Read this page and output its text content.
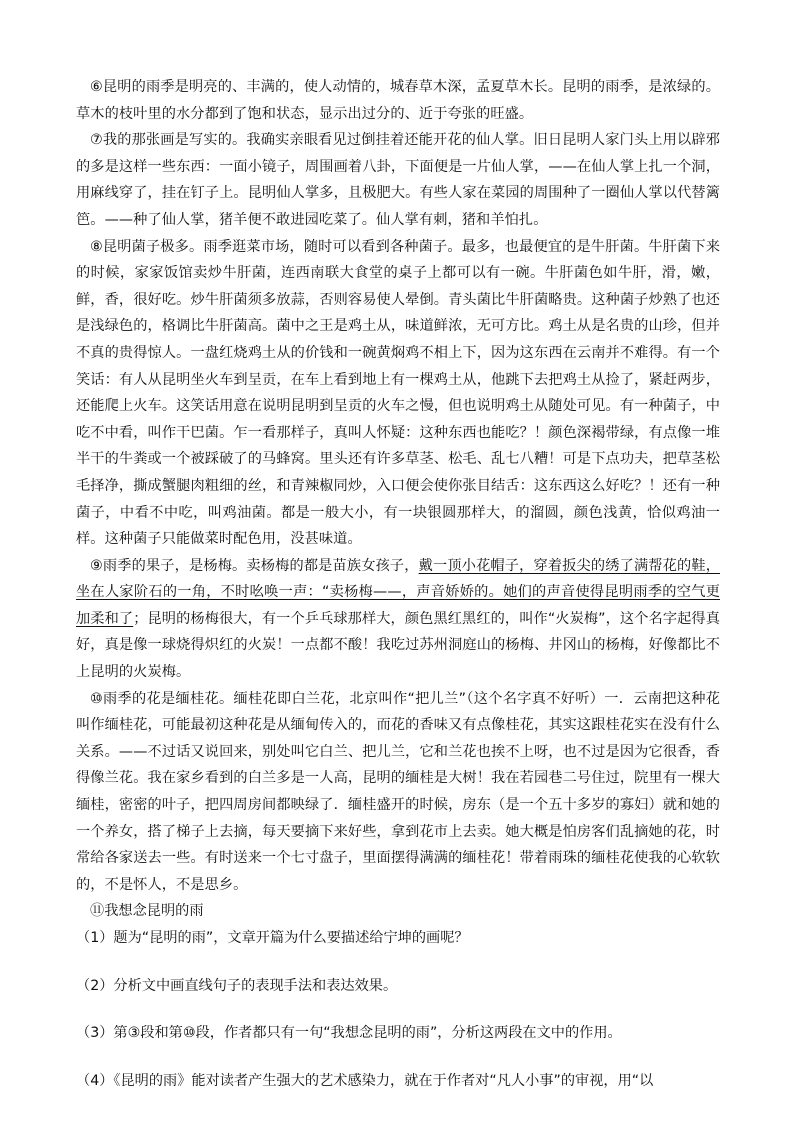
⑥昆明的雨季是明亮的、丰满的，使人动情的，城春草木深，孟夏草木长。昆明的雨季，是浓绿的。草木的枝叶里的水分都到了饱和状态，显示出过分的、近于夸张的旺盛。

⑦我的那张画是写实的。我确实亲眼看见过倒挂着还能开花的仙人掌。旧日昆明人家门头上用以辟邪的多是这样一些东西：一面小镜子，周围画着八卦，下面便是一片仙人掌，——在仙人掌上扎一个洞，用麻线穿了，挂在钉子上。昆明仙人掌多，且极肥大。有些人家在菜园的周围种了一圈仙人掌以代替篱笆。——种了仙人掌，猪羊便不敢进园吃菜了。仙人掌有刺，猪和羊怕扎。

⑧昆明菌子极多。雨季逛菜市场，随时可以看到各种菌子。最多，也最便宜的是牛肝菌。牛肝菌下来的时候，家家饭馆卖炒牛肝菌，连西南联大食堂的桌子上都可以有一碗。牛肝菌色如牛肝，滑，嫩，鲜，香，很好吃。炒牛肝菌须多放蒜，否则容易使人晕倒。青头菌比牛肝菌略贵。这种菌子炒熟了也还是浅绿色的，格调比牛肝菌高。菌中之王是鸡土从，味道鲜浓，无可方比。鸡土从是名贵的山珍，但并不真的贵得惊人。一盘红烧鸡土从的价钱和一碗黄焖鸡不相上下，因为这东西在云南并不难得。有一个笑话：有人从昆明坐火车到呈贡，在车上看到地上有一棵鸡土从，他跳下去把鸡土从捡了，紧赶两步，还能爬上火车。这笑话用意在说明昆明到呈贡的火车之慢，但也说明鸡土从随处可见。有一种菌子，中吃不中看，叫作干巴菌。乍一看那样子，真叫人怀疑：这种东西也能吃？！颜色深褐带绿，有点像一堆半干的牛粪或一个被踩破了的马蜂窝。里头还有许多草茎、松毛、乱七八糟！可是下点功夫，把草茎松毛择净，撕成蟹腿肉粗细的丝，和青辣椒同炒，入口便会使你张目结舌：这东西这么好吃？！还有一种菌子，中看不中吃，叫鸡油菌。都是一般大小，有一块银圆那样大，的溜圆，颜色浅黄，恰似鸡油一样。这种菌子只能做菜时配色用，没甚味道。

⑨雨季的果子，是杨梅。卖杨梅的都是苗族女孩子，戴一顶小花帽子，穿着扳尖的绣了满帮花的鞋，坐在人家阶石的一角，不时吆唤一声：“卖杨梅——，声音娇娇的。她们的声音使得昆明雨季的空气更加柔和了；昆明的杨梅很大，有一个乒乓球那样大，颜色黑红黑红的，叫作“火炭梅”，这个名字起得真好，真是像一球烧得炽红的火炭！一点都不酸！我吃过苏州洞庭山的杨梅、井冈山的杨梅，好像都比不上昆明的火炭梅。

⑩雨季的花是缅桂花。缅桂花即白兰花，北京叫作“把儿兰”（这个名字真不好听）一．云南把这种花叫作缅桂花，可能最初这种花是从缅甸传入的，而花的香味又有点像桂花，其实这跟桂花实在没有什么关系。——不过话又说回来，别处叫它白兰、把儿兰，它和兰花也挨不上呀，也不过是因为它很香，香得像兰花。我在家乡看到的白兰多是一人高，昆明的缅桂是大树！我在若园巷二号住过，院里有一棵大缅桂，密密的叶子，把四周房间都映绿了．缅桂盛开的时候，房东（是一个五十多岁的寡妇）就和她的一个养女，搭了梯子上去摘，每天要摘下来好些，拿到花市上去卖。她大概是怕房客们乱摘她的花，时常给各家送去一些。有时送来一个七寸盘子，里面摆得满满的缅桂花！带着雨珠的缅桂花使我的心软软的，不是怀人，不是思乡。

⑪我想念昆明的雨

（1）题为“昆明的雨”，文章开篇为什么要描述给宁坤的画呢？

（2）分析文中画直线句子的表现手法和表达效果。

（3）第③段和第⑩段，作者都只有一句“我想念昆明的雨”，分析这两段在文中的作用。

（4）《昆明的雨》能对读者产生强大的艺术感染力，就在于作者对“凡人小事”的审视，用“以
